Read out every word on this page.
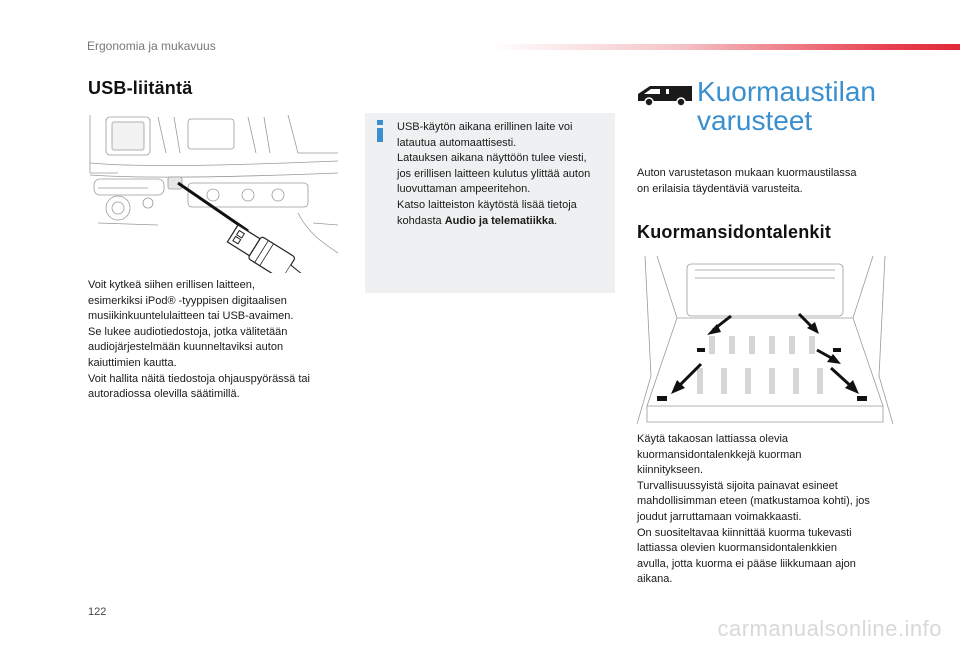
Ergonomia ja mukavuus
USB-liitäntä
Voit kytkeä siihen erillisen laitteen,
esimerkiksi iPod® -tyyppisen digitaalisen
musiikinkuuntelulaitteen tai USB-avaimen.
Se lukee audiotiedostoja, jotka välitetään
audiojärjestelmään kuunneltaviksi auton
kaiuttimien kautta.
Voit hallita näitä tiedostoja ohjauspyörässä tai
autoradiossa olevilla säätimillä.
USB-käytön aikana erillinen laite voi
latautua automaattisesti.
Latauksen aikana näyttöön tulee viesti,
jos erillisen laitteen kulutus ylittää auton
luovuttaman ampeeritehon.
Katso laitteiston käytöstä lisää tietoja
kohdasta Audio ja telematiikka.
Kuormaustilan
varusteet
Auton varustetason mukaan kuormaustilassa
on erilaisia täydentäviä varusteita.
Kuormansidontalenkit
Käytä takaosan lattiassa olevia
kuormansidontalenkkejä kuorman
kiinnitykseen.
Turvallisuussyistä sijoita painavat esineet
mahdollisimman eteen (matkustamoa kohti), jos
joudut jarruttamaan voimakkaasti.
On suositeltavaa kiinnittää kuorma tukevasti
lattiassa olevien kuormansidontalenkkien
avulla, jotta kuorma ei pääse liikkumaan ajon
aikana.
122
carmanualsonline.info
